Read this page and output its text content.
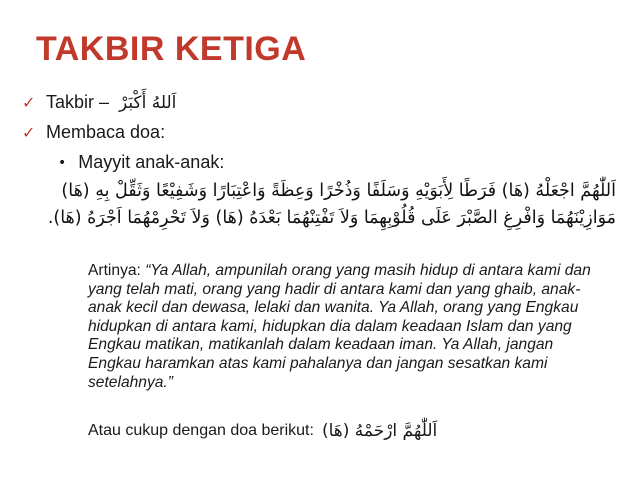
TAKBIR KETIGA
✓ Takbir – اَللهُ أَكْبَرْ
✓ Membaca doa:
• Mayyit anak-anak:
اَللّٰهُمَّ اجْعَلْهُ (هَا) فَرَطًا لِأَبَوَيْهِ وَسَلَفًا وَذُخْرًا وَعِظَةً وَاعْتِبَارًا وَشَفِيْعًا وَثَقِّلْ بِهِ (هَا) مَوَازِيْنَهُمَا وَافْرِغِ الصَّبْرَ عَلَى قُلُوْبِهِمَا وَلاَ تَفْتِنْهُمَا بَعْدَهُ (هَا) وَلاَ تَحْرِمْهُمَا اَجْرَهُ (هَا).
Artinya: “Ya Allah, ampunilah orang yang masih hidup di antara kami dan yang telah mati, orang yang hadir di antara kami dan yang ghaib, anak-anak kecil dan dewasa, lelaki dan wanita. Ya Allah, orang yang Engkau hidupkan di antara kami, hidupkan dia dalam keadaan Islam dan yang Engkau matikan, matikanlah dalam keadaan iman. Ya Allah, jangan Engkau haramkan atas kami pahalanya dan jangan sesatkan kami setelahnya.”
Atau cukup dengan doa berikut: اَللّٰهُمَّ ارْحَمْهُ (هَا)
